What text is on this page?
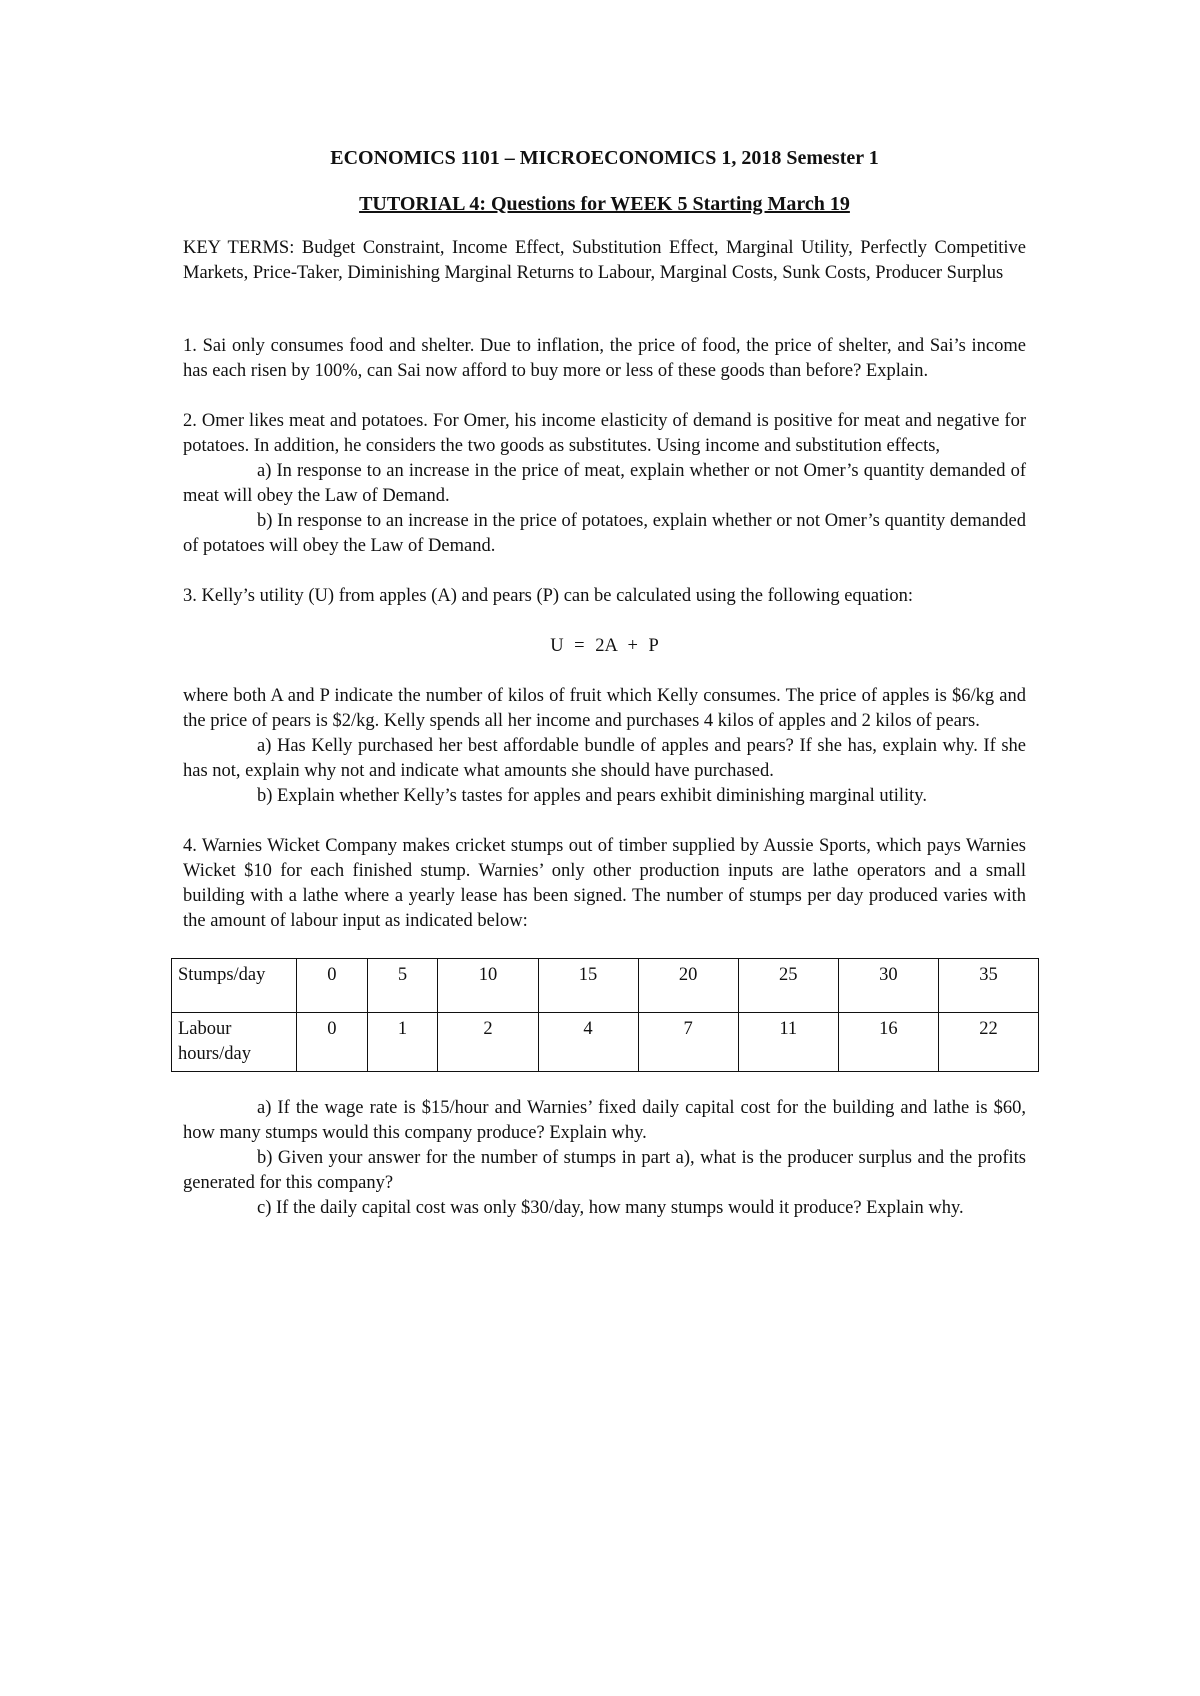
ECONOMICS 1101 – MICROECONOMICS 1, 2018 Semester 1
TUTORIAL 4: Questions for WEEK 5 Starting March 19

KEY TERMS: Budget Constraint, Income Effect, Substitution Effect, Marginal Utility, Perfectly Competitive Markets, Price-Taker, Diminishing Marginal Returns to Labour, Marginal Costs, Sunk Costs, Producer Surplus

1. Sai only consumes food and shelter. Due to inflation, the price of food, the price of shelter, and Sai’s income has each risen by 100%, can Sai now afford to buy more or less of these goods than before? Explain.

2. Omer likes meat and potatoes. For Omer, his income elasticity of demand is positive for meat and negative for potatoes. In addition, he considers the two goods as substitutes. Using income and substitution effects,

a) In response to an increase in the price of meat, explain whether or not Omer’s quantity demanded of meat will obey the Law of Demand.

b) In response to an increase in the price of potatoes, explain whether or not Omer’s quantity demanded of potatoes will obey the Law of Demand.

3. Kelly’s utility (U) from apples (A) and pears (P) can be calculated using the following equation:

U = 2A + P

where both A and P indicate the number of kilos of fruit which Kelly consumes. The price of apples is $6/kg and the price of pears is $2/kg. Kelly spends all her income and purchases 4 kilos of apples and 2 kilos of pears.

a) Has Kelly purchased her best affordable bundle of apples and pears? If she has, explain why. If she has not, explain why not and indicate what amounts she should have purchased.

b) Explain whether Kelly’s tastes for apples and pears exhibit diminishing marginal utility.

4. Warnies Wicket Company makes cricket stumps out of timber supplied by Aussie Sports, which pays Warnies Wicket $10 for each finished stump. Warnies’ only other production inputs are lathe operators and a small building with a lathe where a yearly lease has been signed. The number of stumps per day produced varies with the amount of labour input as indicated below:

Stumps/day	0	5	10	15	20	25	30	35
Labour hours/day	0	1	2	4	7	11	16	22

a) If the wage rate is $15/hour and Warnies’ fixed daily capital cost for the building and lathe is $60, how many stumps would this company produce? Explain why.

b) Given your answer for the number of stumps in part a), what is the producer surplus and the profits generated for this company?

c) If the daily capital cost was only $30/day, how many stumps would it produce? Explain why.
